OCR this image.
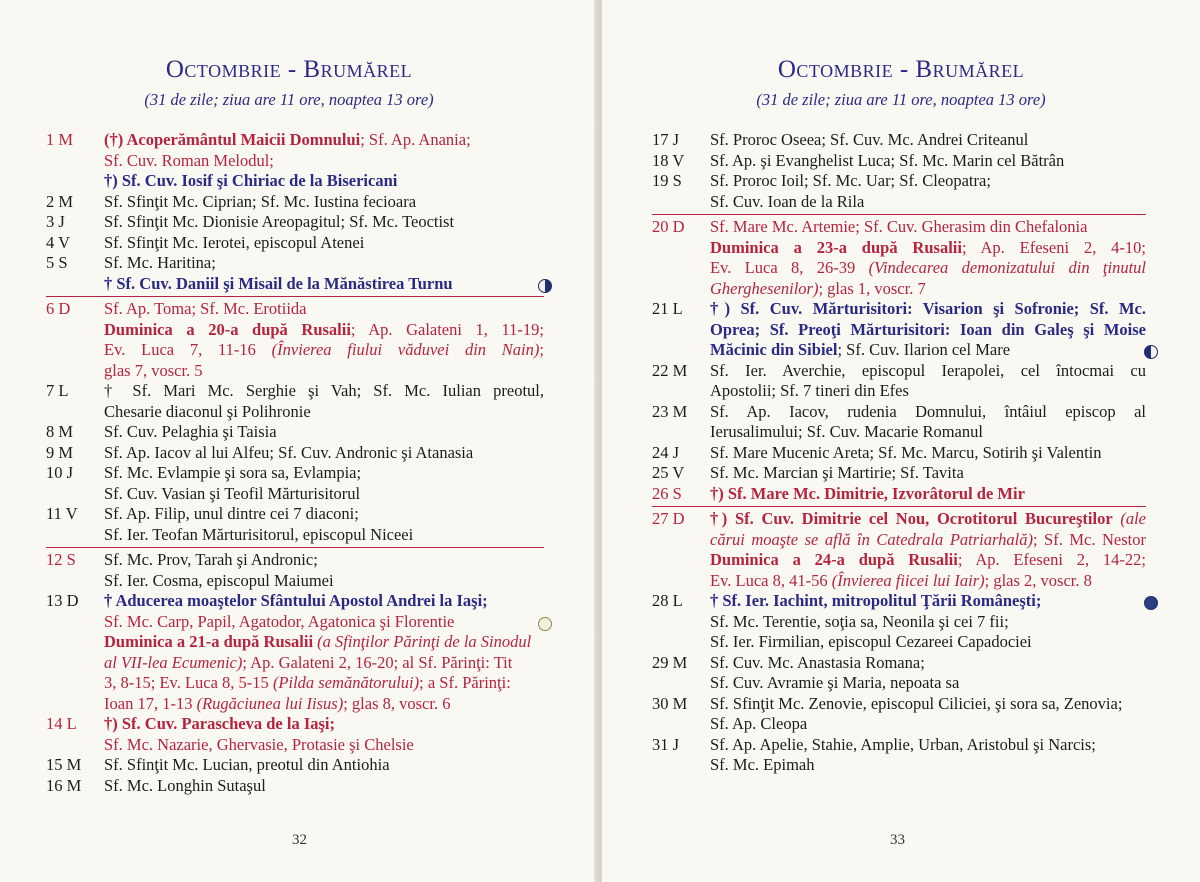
Octombrie - Brumărel
(31 de zile; ziua are 11 ore, noaptea 13 ore)
1 M	(†) Acoperământul Maicii Domnului; Sf. Ap. Anania;
Sf. Cuv. Roman Melodul;
†) Sf. Cuv. Iosif şi Chiriac de la Bisericani
2 M	Sf. Sfinţit Mc. Ciprian; Sf. Mc. Iustina fecioara
3 J	Sf. Sfinţit Mc. Dionisie Areopagitul; Sf. Mc. Teoctist
4 V	Sf. Sfinţit Mc. Ierotei, episcopul Atenei
5 S	Sf. Mc. Haritina;
† Sf. Cuv. Daniil şi Misail de la Mănăstirea Turnu
6 D	Sf. Ap. Toma; Sf. Mc. Erotiida
Duminica a 20-a după Rusalii; Ap. Galateni 1, 11-19;
Ev. Luca 7, 11-16 (Învierea fiului văduvei din Nain);
glas 7, voscr. 5
7 L	† Sf. Mari Mc. Serghie şi Vah; Sf. Mc. Iulian preotul,
Chesarie diaconul şi Polihronie
8 M	Sf. Cuv. Pelaghia şi Taisia
9 M	Sf. Ap. Iacov al lui Alfeu; Sf. Cuv. Andronic şi Atanasia
10 J	Sf. Mc. Evlampie şi sora sa, Evlampia;
Sf. Cuv. Vasian şi Teofil Mărturisitorul
11 V	Sf. Ap. Filip, unul dintre cei 7 diaconi;
Sf. Ier. Teofan Mărturisitorul, episcopul Niceei
12 S	Sf. Mc. Prov, Tarah şi Andronic;
Sf. Ier. Cosma, episcopul Maiumei
13 D	† Aducerea moaştelor Sfântului Apostol Andrei la Iaşi;
Sf. Mc. Carp, Papil, Agatodor, Agatonica şi Florentie
Duminica a 21-a după Rusalii (a Sfinţilor Părinţi de la Sinodul
al VII-lea Ecumenic); Ap. Galateni 2, 16-20; al Sf. Părinţi: Tit
3, 8-15; Ev. Luca 8, 5-15 (Pilda semănătorului); a Sf. Părinţi:
Ioan 17, 1-13 (Rugăciunea lui Iisus); glas 8, voscr. 6
14 L	†) Sf. Cuv. Parascheva de la Iaşi;
Sf. Mc. Nazarie, Ghervasie, Protasie şi Chelsie
15 M	Sf. Sfinţit Mc. Lucian, preotul din Antiohia
16 M	Sf. Mc. Longhin Sutaşul
32
Octombrie - Brumărel
(31 de zile; ziua are 11 ore, noaptea 13 ore)
17 J	Sf. Proroc Oseea; Sf. Cuv. Mc. Andrei Criteanul
18 V	Sf. Ap. şi Evanghelist Luca; Sf. Mc. Marin cel Bătrân
19 S	Sf. Proroc Ioil; Sf. Mc. Uar; Sf. Cleopatra;
Sf. Cuv. Ioan de la Rila
20 D	Sf. Mare Mc. Artemie; Sf. Cuv. Gherasim din Chefalonia
Duminica a 23-a după Rusalii; Ap. Efeseni 2, 4-10;
Ev. Luca 8, 26-39 (Vindecarea demonizatului din ţinutul
Gherghesenilor); glas 1, voscr. 7
21 L	†) Sf. Cuv. Mărturisitori: Visarion şi Sofronie; Sf. Mc.
Oprea; Sf. Preoţi Mărturisitori: Ioan din Galeş şi Moise
Măcinic din Sibiel; Sf. Cuv. Ilarion cel Mare
22 M	Sf. Ier. Averchie, episcopul Ierapolei, cel întocmai cu
Apostolii; Sf. 7 tineri din Efes
23 M	Sf. Ap. Iacov, rudenia Domnului, întâiul episcop al
Ierusalimului; Sf. Cuv. Macarie Romanul
24 J	Sf. Mare Mucenic Areta; Sf. Mc. Marcu, Sotirih şi Valentin
25 V	Sf. Mc. Marcian şi Martirie; Sf. Tavita
26 S	†) Sf. Mare Mc. Dimitrie, Izvorâtorul de Mir
27 D	†) Sf. Cuv. Dimitrie cel Nou, Ocrotitorul Bucureştilor (ale
cărui moaşte se află în Catedrala Patriarhală); Sf. Mc. Nestor
Duminica a 24-a după Rusalii; Ap. Efeseni 2, 14-22;
Ev. Luca 8, 41-56 (Învierea fiicei lui Iair); glas 2, voscr. 8
28 L	† Sf. Ier. Iachint, mitropolitul Ţării Româneşti;
Sf. Mc. Terentie, soţia sa, Neonila şi cei 7 fii;
Sf. Ier. Firmilian, episcopul Cezareei Capadociei
29 M	Sf. Cuv. Mc. Anastasia Romana;
Sf. Cuv. Avramie şi Maria, nepoata sa
30 M	Sf. Sfinţit Mc. Zenovie, episcopul Ciliciei, şi sora sa, Zenovia;
Sf. Ap. Cleopa
31 J	Sf. Ap. Apelie, Stahie, Amplie, Urban, Aristobul şi Narcis;
Sf. Mc. Epimah
33
